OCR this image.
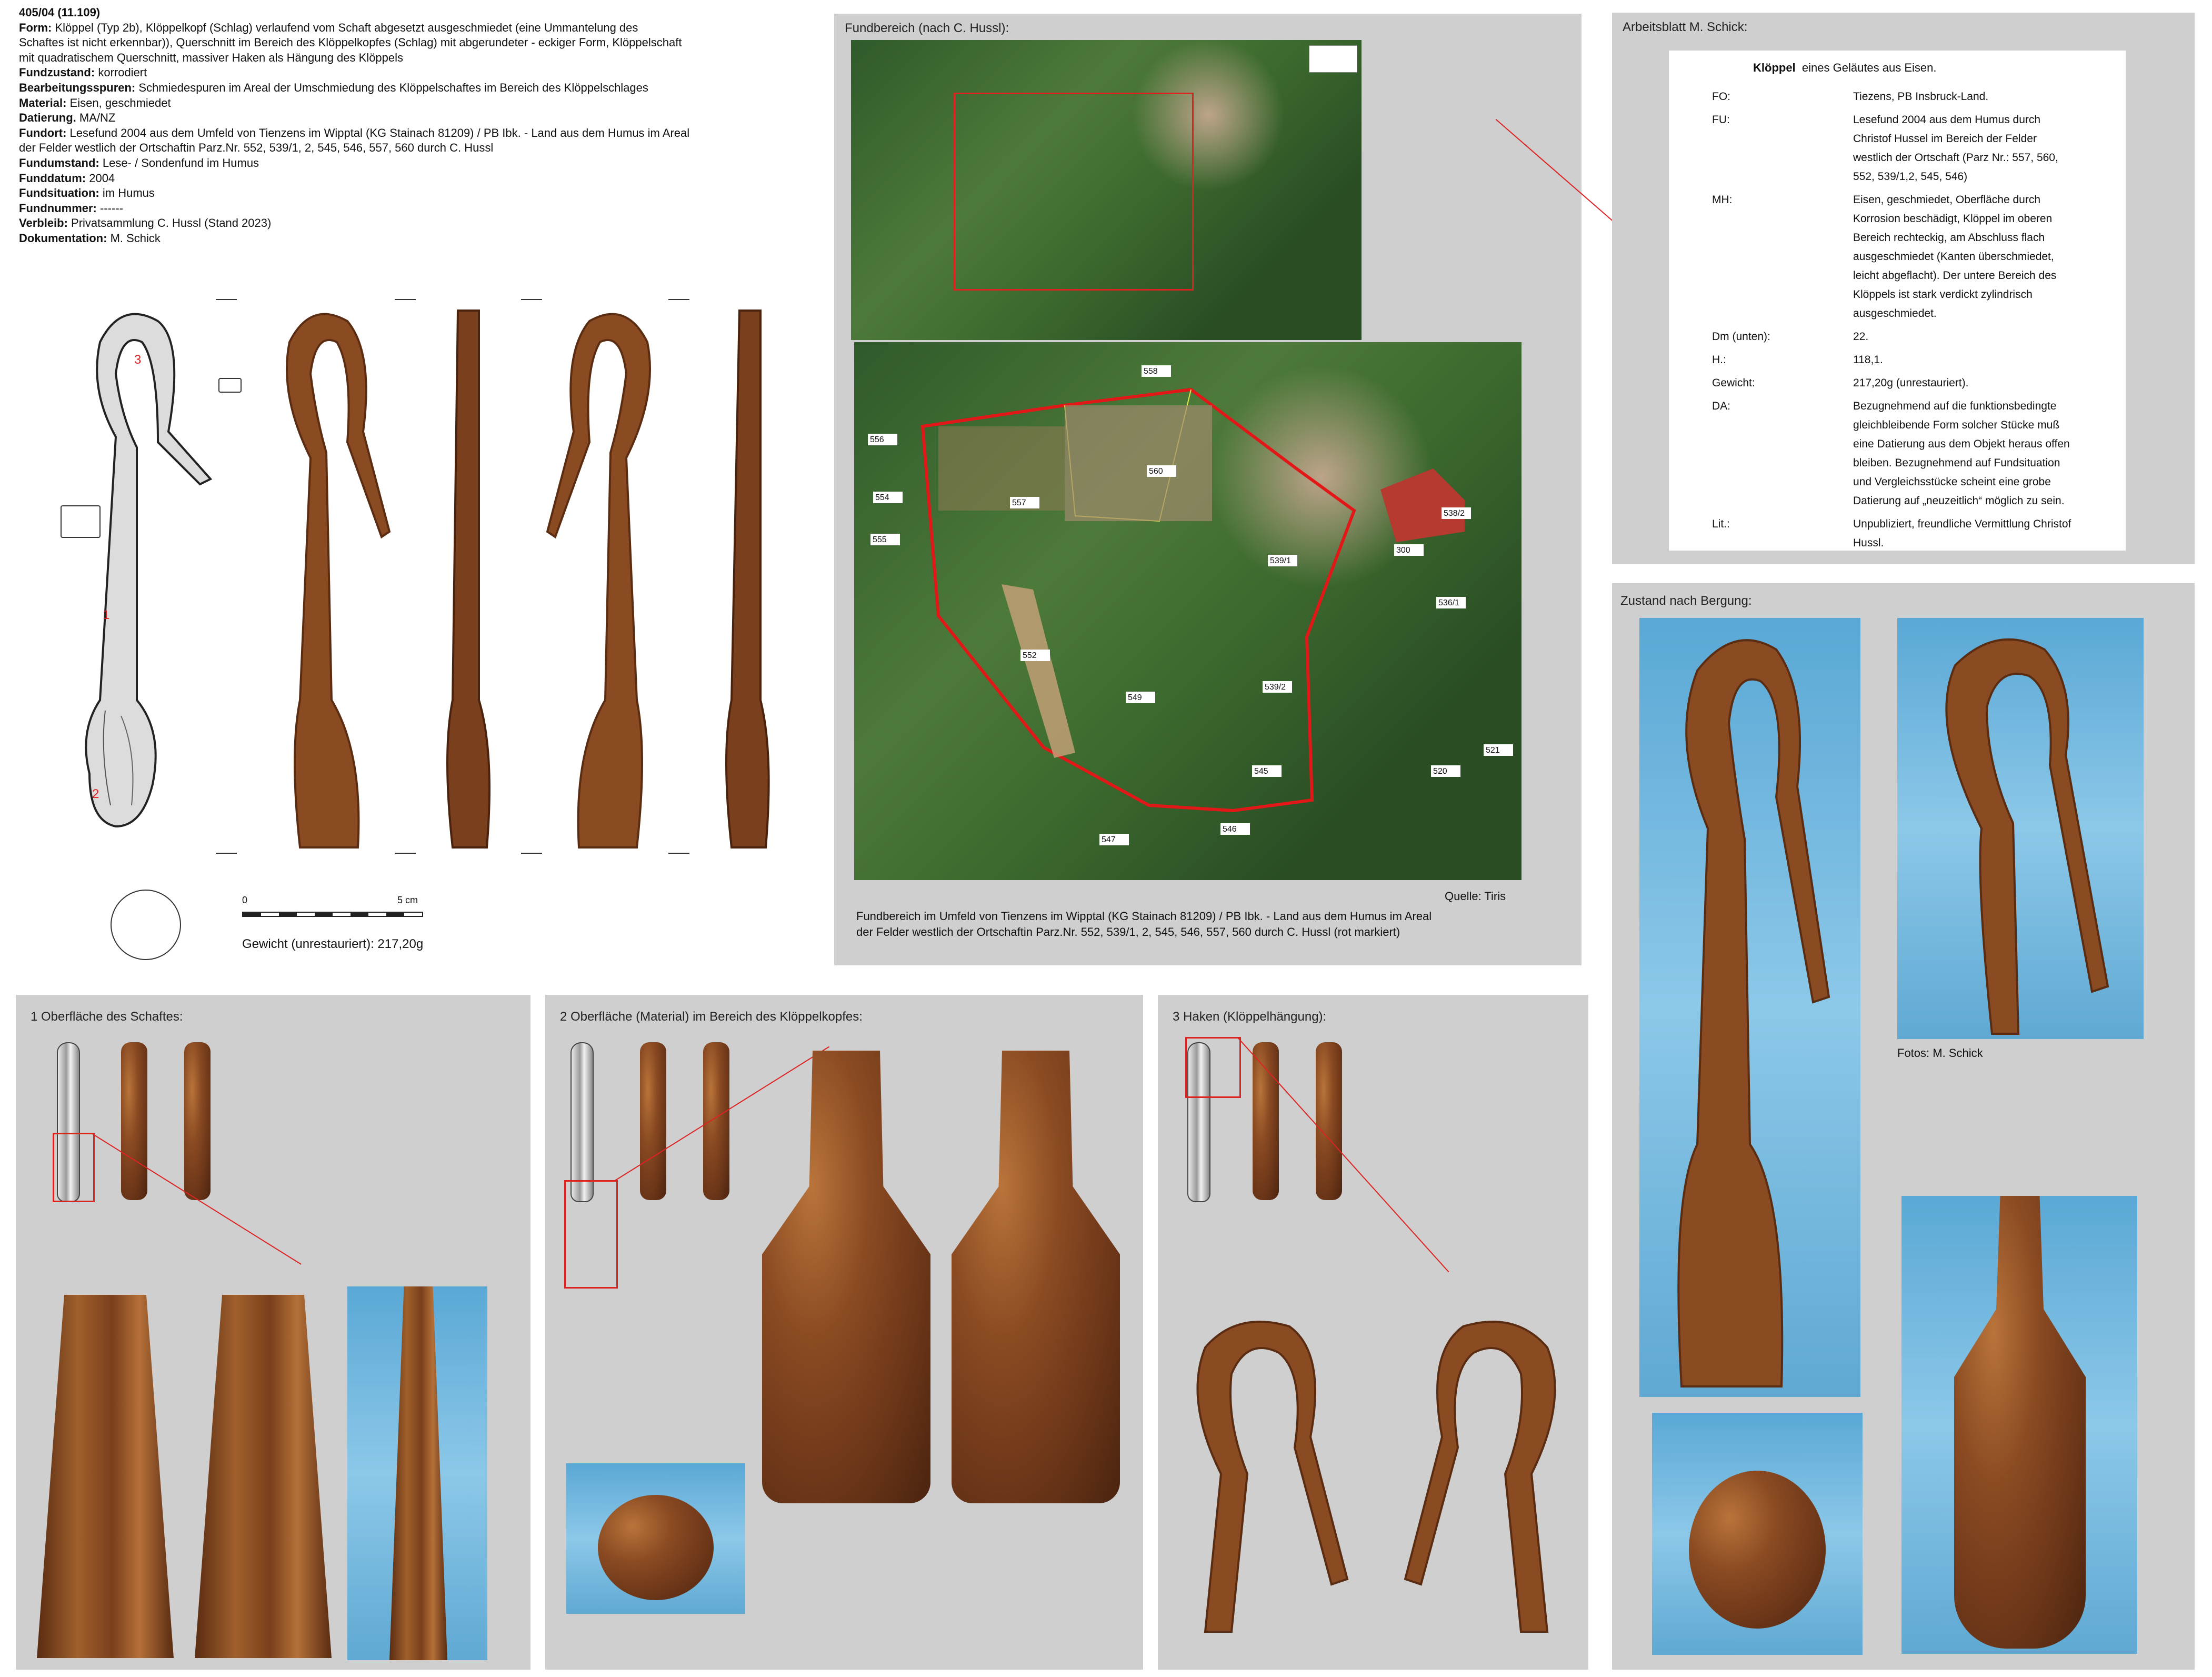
405/04 (11.109)
Form: Klöppel (Typ 2b), Klöppelkopf (Schlag) verlaufend vom Schaft abgesetzt ausgeschmiedet (eine Ummantelung des
Schaftes ist nicht erkennbar)), Querschnitt im Bereich des Klöppelkopfes (Schlag) mit abgerundeter - eckiger Form, Klöppelschaft
mit quadratischem Querschnitt, massiver Haken als Hängung des Klöppels
Fundzustand: korrodiert
Bearbeitungsspuren: Schmiedespuren im Areal der Umschmiedung des Klöppelschaftes im Bereich des Klöppelschlages
Material: Eisen, geschmiedet
Datierung. MA/NZ
Fundort: Lesefund 2004 aus dem Umfeld von Tienzens im Wipptal (KG Stainach 81209) / PB Ibk. - Land aus dem Humus im Areal
der Felder westlich der Ortschaftin Parz.Nr. 552, 539/1, 2, 545, 546, 557, 560 durch C. Hussl
Fundumstand: Lese- / Sondenfund im Humus
Funddatum: 2004
Fundsituation: im Humus
Fundnummer: ------
Verbleib: Privatsammlung C. Hussl (Stand 2023)
Dokumentation: M. Schick
3
1
2
0	5 cm
Gewicht (unrestauriert): 217,20g
Fundbereich (nach C. Hussl):
560
557
552
539/1
539/2
545
546
547
549
554
555
556
558
520
521
538/2
536/1
300
Quelle: Tiris
Fundbereich im Umfeld von Tienzens im Wipptal (KG Stainach 81209) / PB Ibk. - Land aus dem Humus im Areal
der Felder westlich der Ortschaftin Parz.Nr. 552, 539/1, 2, 545, 546, 557, 560 durch C. Hussl (rot markiert)
Arbeitsblatt M. Schick:
Klöppel eines Geläutes aus Eisen.
FO:	Tiezens, PB Insbruck-Land.
FU:	Lesefund 2004 aus dem Humus durch
Christof Hussel im Bereich der Felder
westlich der Ortschaft (Parz Nr.: 557, 560,
552, 539/1,2, 545, 546)
MH:	Eisen, geschmiedet, Oberfläche durch
Korrosion beschädigt, Klöppel im oberen
Bereich rechteckig, am Abschluss flach
ausgeschmiedet (Kanten überschmiedet,
leicht abgeflacht). Der untere Bereich des
Klöppels ist stark verdickt zylindrisch
ausgeschmiedet.
Dm (unten):	22.
H.:	118,1.
Gewicht:	217,20g (unrestauriert).
DA:	Bezugnehmend auf die funktionsbedingte
gleichbleibende Form solcher Stücke muß
eine Datierung aus dem Objekt heraus offen
bleiben. Bezugnehmend auf Fundsituation
und Vergleichsstücke scheint eine grobe
Datierung auf „neuzeitlich“ möglich zu sein.
Lit.:	Unpubliziert, freundliche Vermittlung Christof
Hussl.
1 Oberfläche des Schaftes:	2 Oberfläche (Material) im Bereich des Klöppelkopfes:	3 Haken (Klöppelhängung):
Zustand nach Bergung:
Fotos: M. Schick
